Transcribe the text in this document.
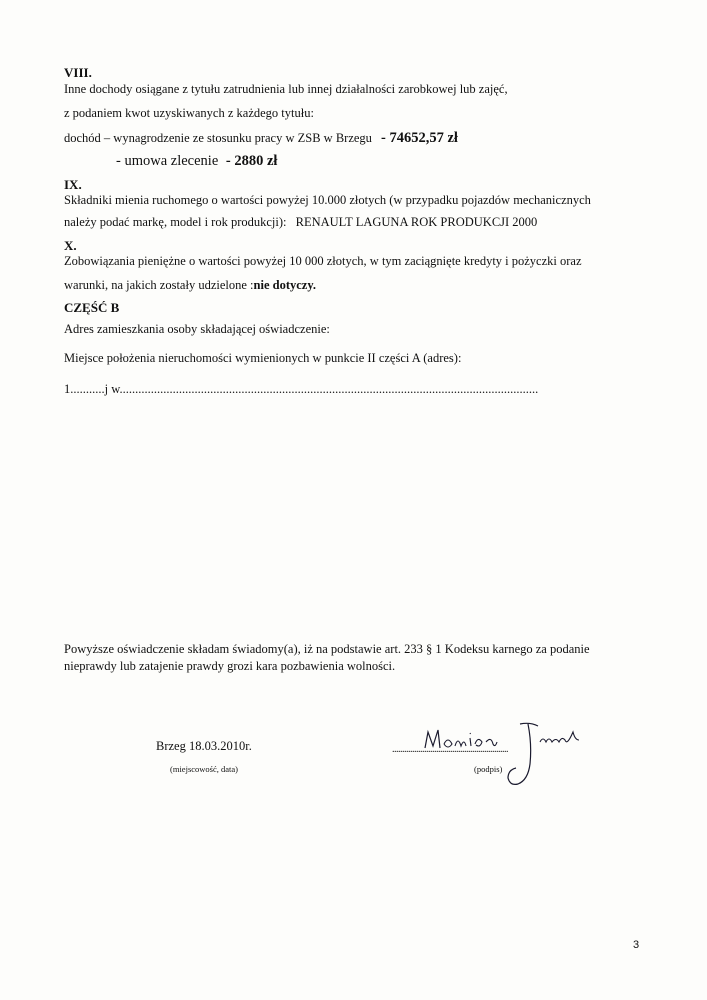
VIII.
Inne dochody osiągane z tytułu zatrudnienia lub innej działalności zarobkowej lub zajęć,
z podaniem kwot uzyskiwanych z każdego tytułu:
dochód – wynagrodzenie ze stosunku pracy w ZSB w Brzegu - 74652,57 zł
- umowa zlecenie - 2880 zł
IX.
Składniki mienia ruchomego o wartości powyżej 10.000 złotych (w przypadku pojazdów mechanicznych
należy podać markę, model i rok produkcji): RENAULT LAGUNA ROK PRODUKCJI 2000
X.
Zobowiązania pieniężne o wartości powyżej 10 000 złotych, w tym zaciągnięte kredyty i pożyczki oraz
warunki, na jakich zostały udzielone :nie dotyczy.
CZĘŚĆ B
Adres zamieszkania osoby składającej oświadczenie:
Miejsce położenia nieruchomości wymienionych w punkcie II części A (adres):
1...........j w......................................................................................................................................
Powyższe oświadczenie składam świadomy(a), iż na podstawie art. 233 § 1 Kodeksu karnego za podanie
nieprawdy lub zatajenie prawdy grozi kara pozbawienia wolności.
Brzeg 18.03.2010r.
(miejscowość, data)
..........................................................
(podpis)
3
